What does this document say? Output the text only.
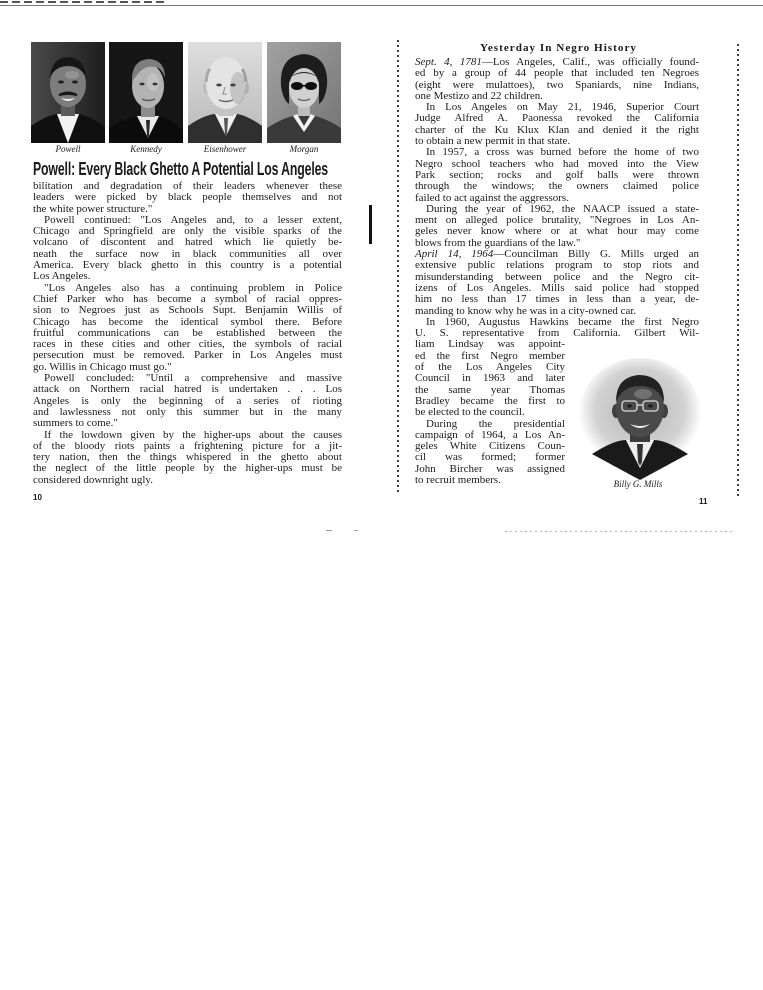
Powell	Kennedy	Eisenhower	Morgan
Powell: Every Black Ghetto A Potential Los Angeles
bilitation and degradation of their leaders whenever these
leaders were picked by black people themselves and not
the white power structure."
Powell continued: "Los Angeles and, to a lesser extent,
Chicago and Springfield are only the visible sparks of the
volcano of discontent and hatred which lie quietly be-
neath the surface now in black communities all over
America. Every black ghetto in this country is a potential
Los Angeles.
"Los Angeles also has a continuing problem in Police
Chief Parker who has become a symbol of racial oppres-
sion to Negroes just as Schools Supt. Benjamin Willis of
Chicago has become the identical symbol there. Before
fruitful communications can be established between the
races in these cities and other cities, the symbols of racial
persecution must be removed. Parker in Los Angeles must
go. Willis in Chicago must go."
Powell concluded: "Until a comprehensive and massive
attack on Northern racial hatred is undertaken . . . Los
Angeles is only the beginning of a series of rioting
and lawlessness not only this summer but in the many
summers to come."
If the lowdown given by the higher-ups about the causes
of the bloody riots paints a frightening picture for a jit-
tery nation, then the things whispered in the ghetto about
the neglect of the little people by the higher-ups must be
considered downright ugly.
10
Yesterday In Negro History
Sept. 4, 1781—Los Angeles, Calif., was officially found-
ed by a group of 44 people that included ten Negroes
(eight were mulattoes), two Spaniards, nine Indians,
one Mestizo and 22 children.
In Los Angeles on May 21, 1946, Superior Court
Judge Alfred A. Paonessa revoked the California
charter of the Ku Klux Klan and denied it the right
to obtain a new permit in that state.
In 1957, a cross was burned before the home of two
Negro school teachers who had moved into the View
Park section; rocks and golf balls were thrown
through the windows; the owners claimed police
failed to act against the aggressors.
During the year of 1962, the NAACP issued a state-
ment on alleged police brutality, "Negroes in Los An-
geles never know where or at what hour may come
blows from the guardians of the law."
April 14, 1964—Councilman Billy G. Mills urged an
extensive public relations program to stop riots and
misunderstanding between police and the Negro cit-
izens of Los Angeles. Mills said police had stopped
him no less than 17 times in less than a year, de-
manding to know why he was in a city-owned car.
In 1960, Augustus Hawkins became the first Negro
U. S. representative from California. Gilbert Wil-
liam Lindsay was appoint-
ed the first Negro member
of the Los Angeles City
Council in 1963 and later
the same year Thomas
Bradley became the first to
be elected to the council.
During the presidential
campaign of 1964, a Los An-
geles White Citizens Coun-
cil was formed; former
John Bircher was assigned
to recruit members.	Billy G. Mills
11
